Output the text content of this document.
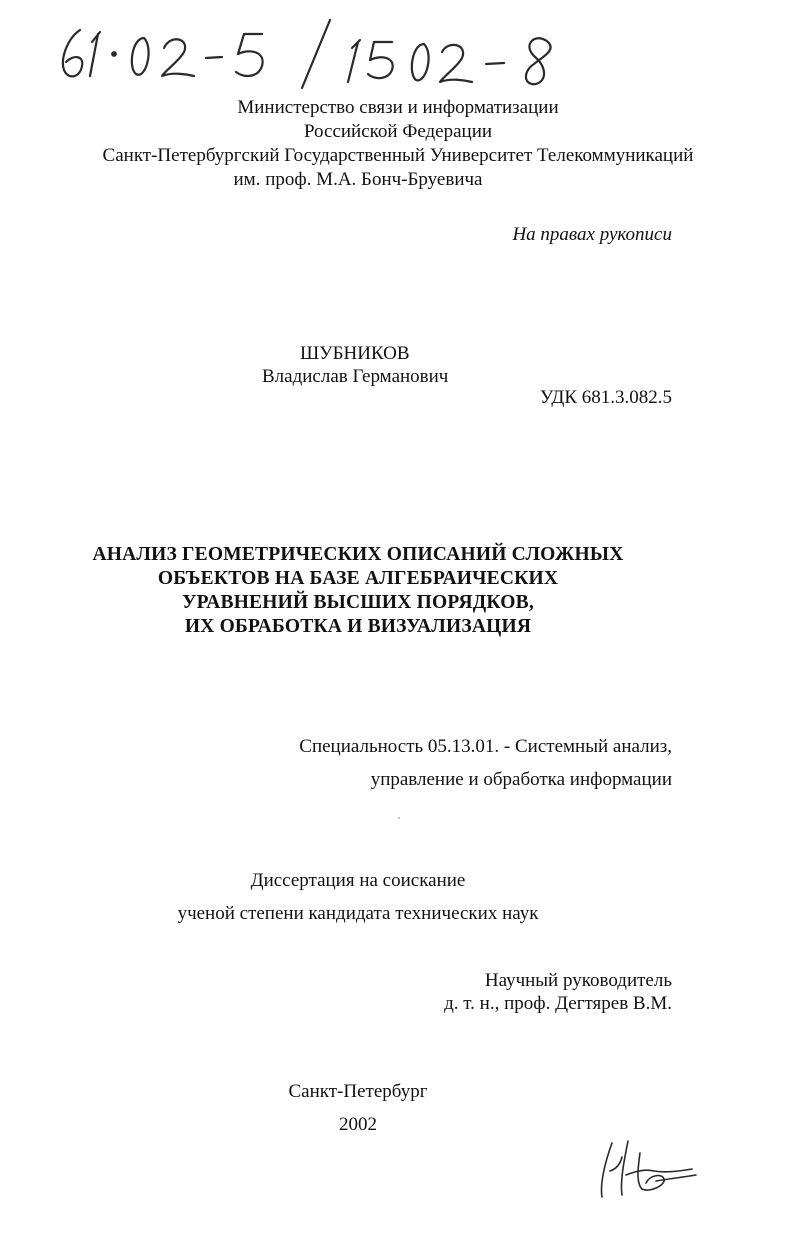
Министерство связи и информатизации
Российской Федерации
Санкт-Петербургский Государственный Университет Телекоммуникаций
им. проф. М.А. Бонч-Бруевича
На правах рукописи
ШУБНИКОВ
Владислав Германович
УДК 681.3.082.5
АНАЛИЗ ГЕОМЕТРИЧЕСКИХ ОПИСАНИЙ СЛОЖНЫХ
ОБЪЕКТОВ НА БАЗЕ АЛГЕБРАИЧЕСКИХ
УРАВНЕНИЙ ВЫСШИХ ПОРЯДКОВ,
ИХ ОБРАБОТКА И ВИЗУАЛИЗАЦИЯ
Специальность 05.13.01. - Системный анализ,
управление и обработка информации
Диссертация на соискание
ученой степени кандидата технических наук
Научный руководитель
д. т. н., проф. Дегтярев В.М.
Санкт-Петербург
2002
